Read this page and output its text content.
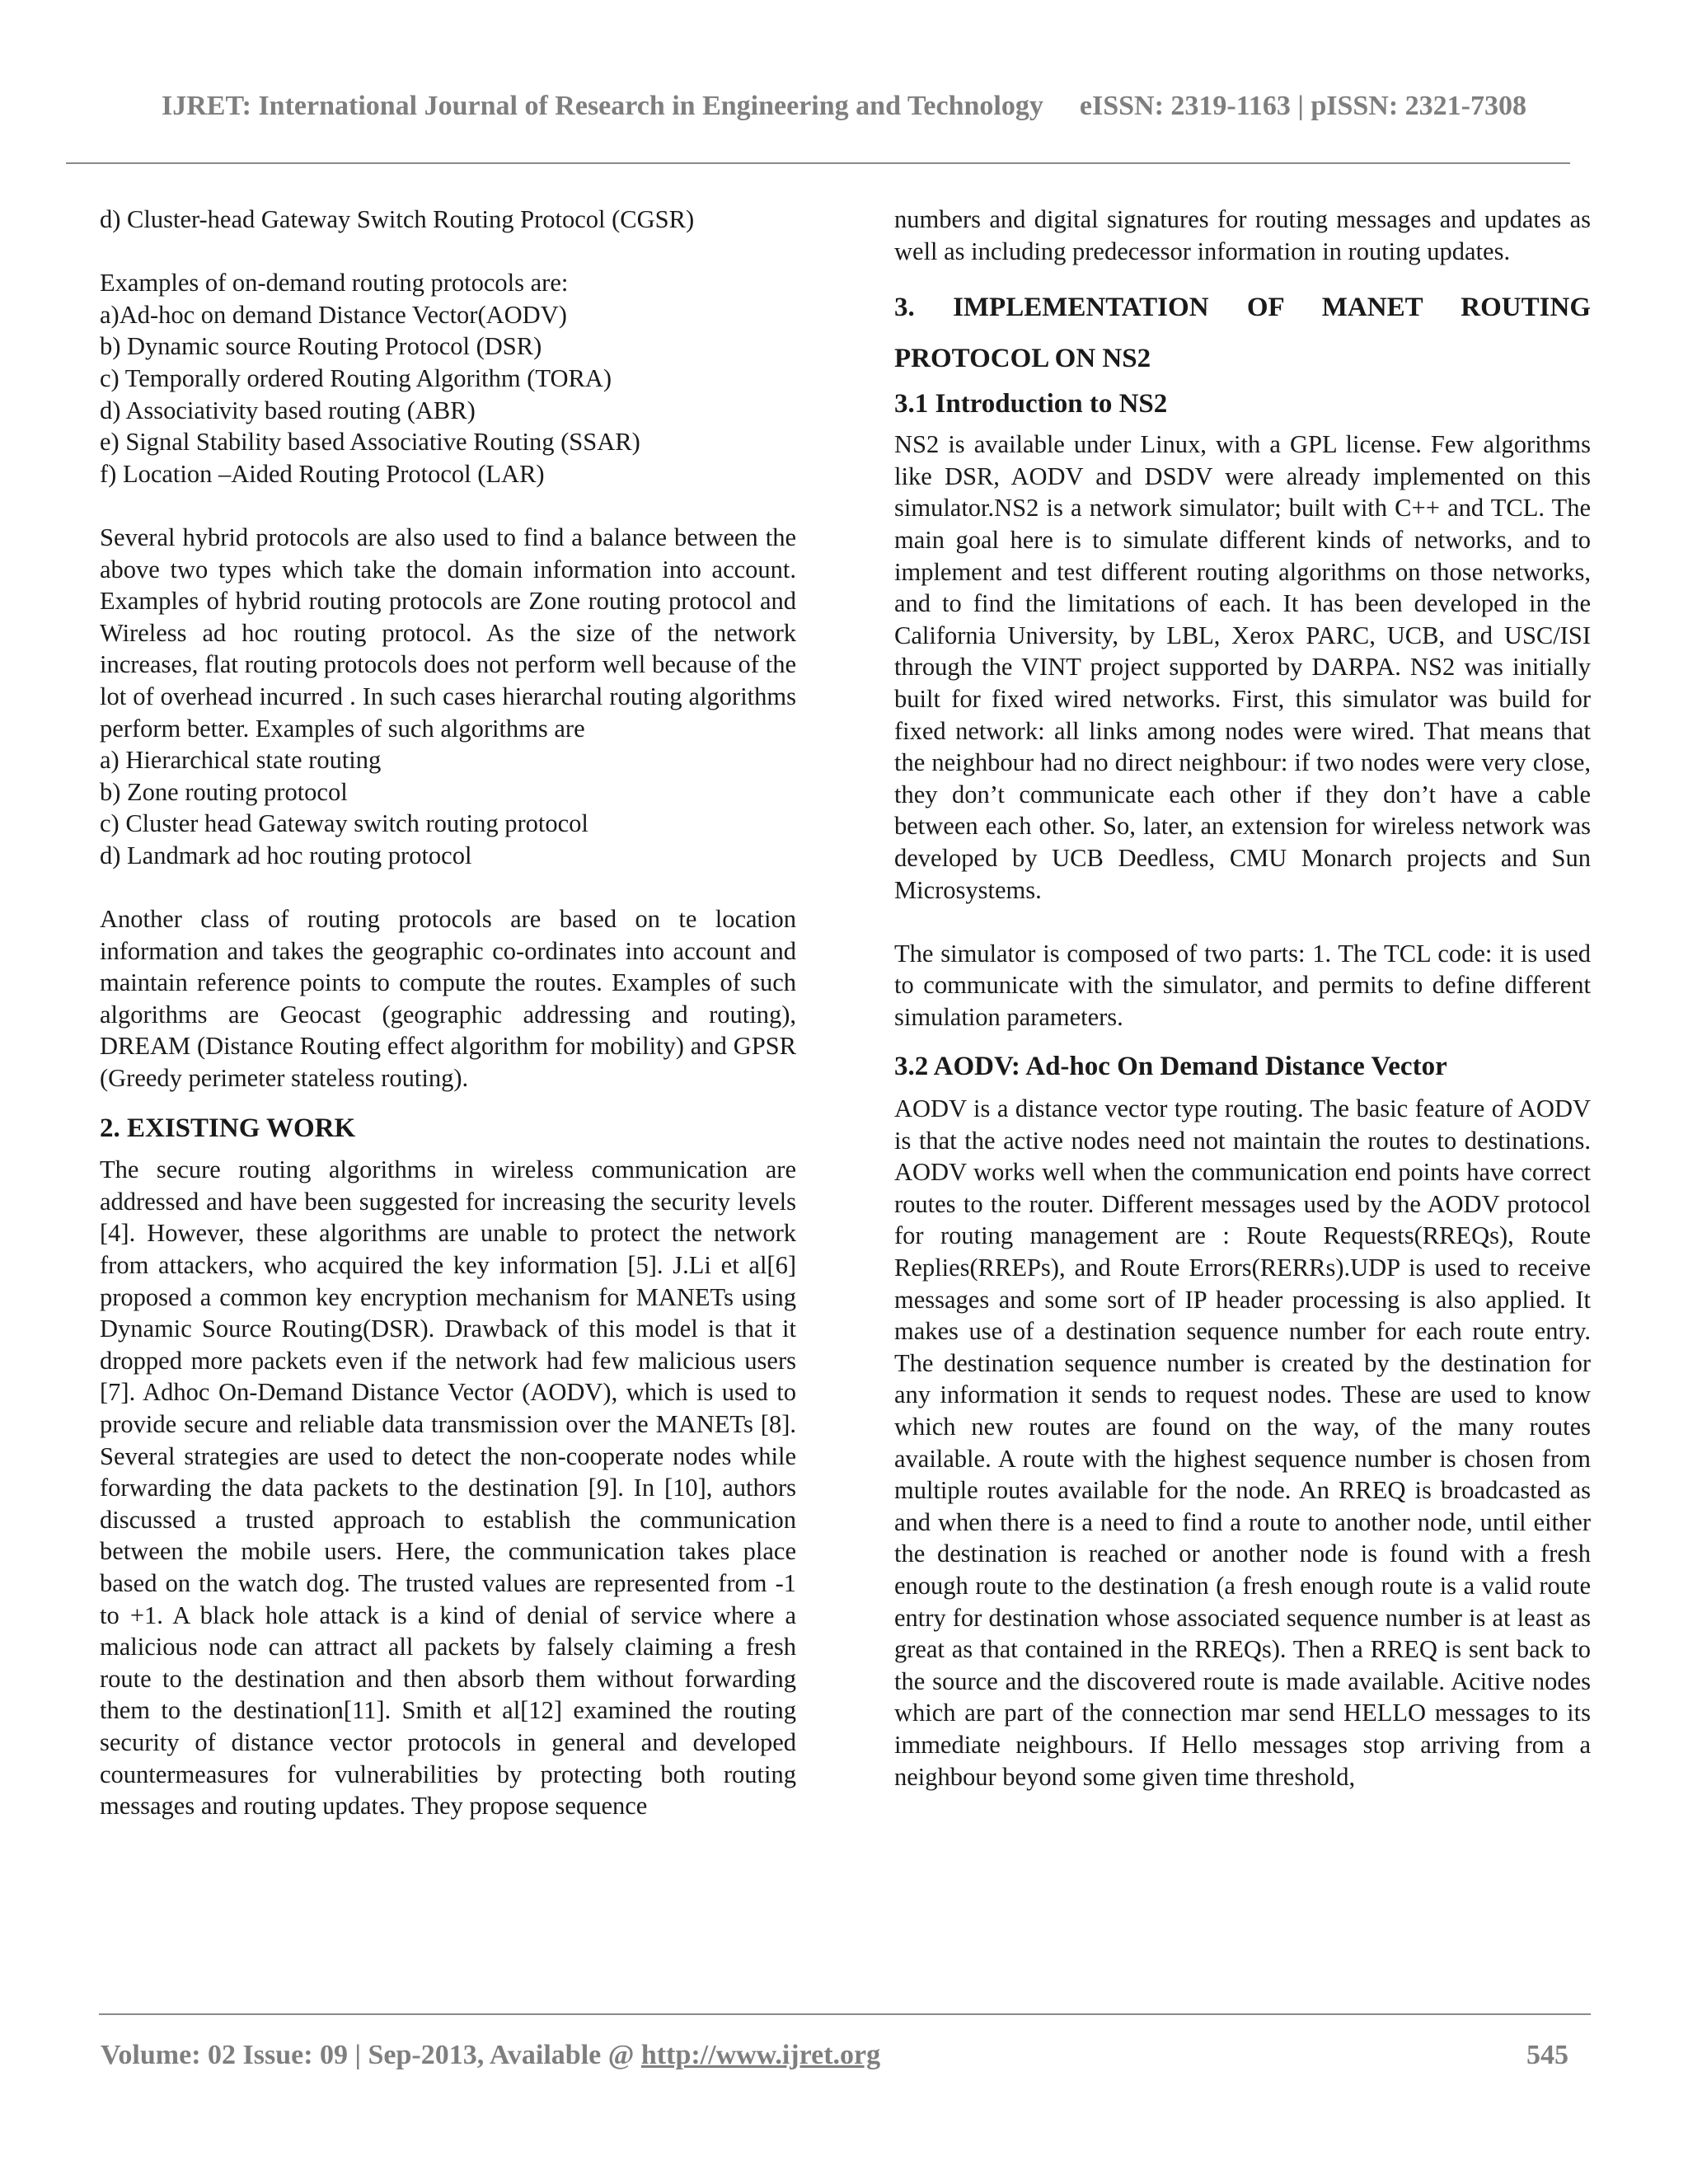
IJRET: International Journal of Research in Engineering and Technology eISSN: 2319-1163 | pISSN: 2321-7308

d) Cluster-head Gateway Switch Routing Protocol (CGSR)

Examples of on-demand routing protocols are:

a)Ad-hoc on demand Distance Vector(AODV)
b) Dynamic source Routing Protocol (DSR)
c) Temporally ordered Routing Algorithm (TORA)
d) Associativity based routing (ABR)
e) Signal Stability based Associative Routing (SSAR)
f) Location –Aided Routing Protocol (LAR)

Several hybrid protocols are also used to find a balance between the above two types which take the domain information into account. Examples of hybrid routing protocols are Zone routing protocol and Wireless ad hoc routing protocol. As the size of the network increases, flat routing protocols does not perform well because of the lot of overhead incurred . In such cases hierarchal routing algorithms perform better. Examples of such algorithms are

a) Hierarchical state routing
b) Zone routing protocol
c) Cluster head Gateway switch routing protocol
d) Landmark ad hoc routing protocol

Another class of routing protocols are based on te location information and takes the geographic co-ordinates into account and maintain reference points to compute the routes. Examples of such algorithms are Geocast (geographic addressing and routing), DREAM (Distance Routing effect algorithm for mobility) and GPSR (Greedy perimeter stateless routing).

2. EXISTING WORK

The secure routing algorithms in wireless communication are addressed and have been suggested for increasing the security levels [4]. However, these algorithms are unable to protect the network from attackers, who acquired the key information [5]. J.Li et al[6] proposed a common key encryption mechanism for MANETs using Dynamic Source Routing(DSR). Drawback of this model is that it dropped more packets even if the network had few malicious users [7]. Adhoc On-Demand Distance Vector (AODV), which is used to provide secure and reliable data transmission over the MANETs [8]. Several strategies are used to detect the non-cooperate nodes while forwarding the data packets to the destination [9]. In [10], authors discussed a trusted approach to establish the communication between the mobile users. Here, the communication takes place based on the watch dog. The trusted values are represented from -1 to +1. A black hole attack is a kind of denial of service where a malicious node can attract all packets by falsely claiming a fresh route to the destination and then absorb them without forwarding them to the destination[11]. Smith et al[12] examined the routing security of distance vector protocols in general and developed countermeasures for vulnerabilities by protecting both routing messages and routing updates. They propose sequence

numbers and digital signatures for routing messages and updates as well as including predecessor information in routing updates.

3. IMPLEMENTATION OF MANET ROUTING
PROTOCOL ON NS2

3.1 Introduction to NS2

NS2 is available under Linux, with a GPL license. Few algorithms like DSR, AODV and DSDV were already implemented on this simulator.NS2 is a network simulator; built with C++ and TCL. The main goal here is to simulate different kinds of networks, and to implement and test different routing algorithms on those networks, and to find the limitations of each. It has been developed in the California University, by LBL, Xerox PARC, UCB, and USC/ISI through the VINT project supported by DARPA. NS2 was initially built for fixed wired networks. First, this simulator was build for fixed network: all links among nodes were wired. That means that the neighbour had no direct neighbour: if two nodes were very close, they don’t communicate each other if they don’t have a cable between each other. So, later, an extension for wireless network was developed by UCB Deedless, CMU Monarch projects and Sun Microsystems.

The simulator is composed of two parts: 1. The TCL code: it is used to communicate with the simulator, and permits to define different simulation parameters.

3.2 AODV: Ad-hoc On Demand Distance Vector

AODV is a distance vector type routing. The basic feature of AODV is that the active nodes need not maintain the routes to destinations. AODV works well when the communication end points have correct routes to the router. Different messages used by the AODV protocol for routing management are : Route Requests(RREQs), Route Replies(RREPs), and Route Errors(RERRs).UDP is used to receive messages and some sort of IP header processing is also applied. It makes use of a destination sequence number for each route entry. The destination sequence number is created by the destination for any information it sends to request nodes. These are used to know which new routes are found on the way, of the many routes available. A route with the highest sequence number is chosen from multiple routes available for the node. An RREQ is broadcasted as and when there is a need to find a route to another node, until either the destination is reached or another node is found with a fresh enough route to the destination (a fresh enough route is a valid route entry for destination whose associated sequence number is at least as great as that contained in the RREQs). Then a RREQ is sent back to the source and the discovered route is made available. Acitive nodes which are part of the connection mar send HELLO messages to its immediate neighbours. If Hello messages stop arriving from a neighbour beyond some given time threshold,

Volume: 02 Issue: 09 | Sep-2013, Available @ http://www.ijret.org	545
